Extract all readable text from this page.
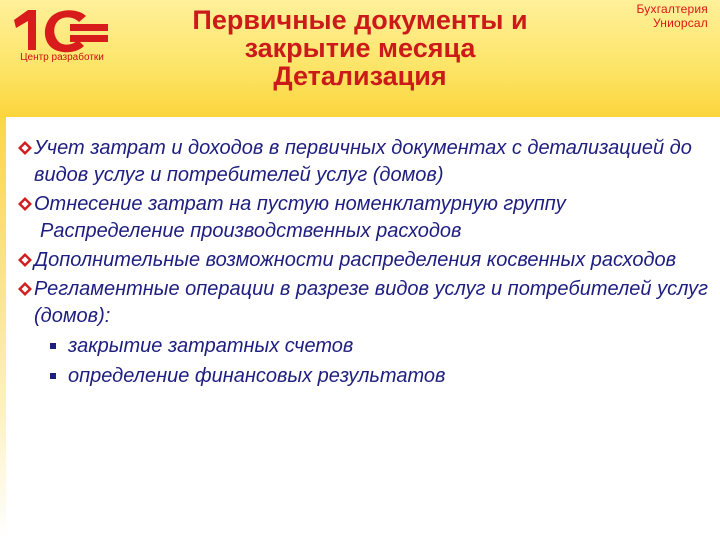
Центр разработки
Бухгалтерия
Униорсал
Первичные документы и
закрытие месяца
Детализация
Учет затрат и доходов в первичных документах с детализацией до видов услуг и потребителей услуг (домов)
Отнесение затрат на пустую номенклатурную группу
Распределение производственных расходов
Дополнительные возможности распределения косвенных расходов
Регламентные операции в разрезе видов услуг и потребителей услуг (домов):
закрытие затратных счетов
определение финансовых результатов
